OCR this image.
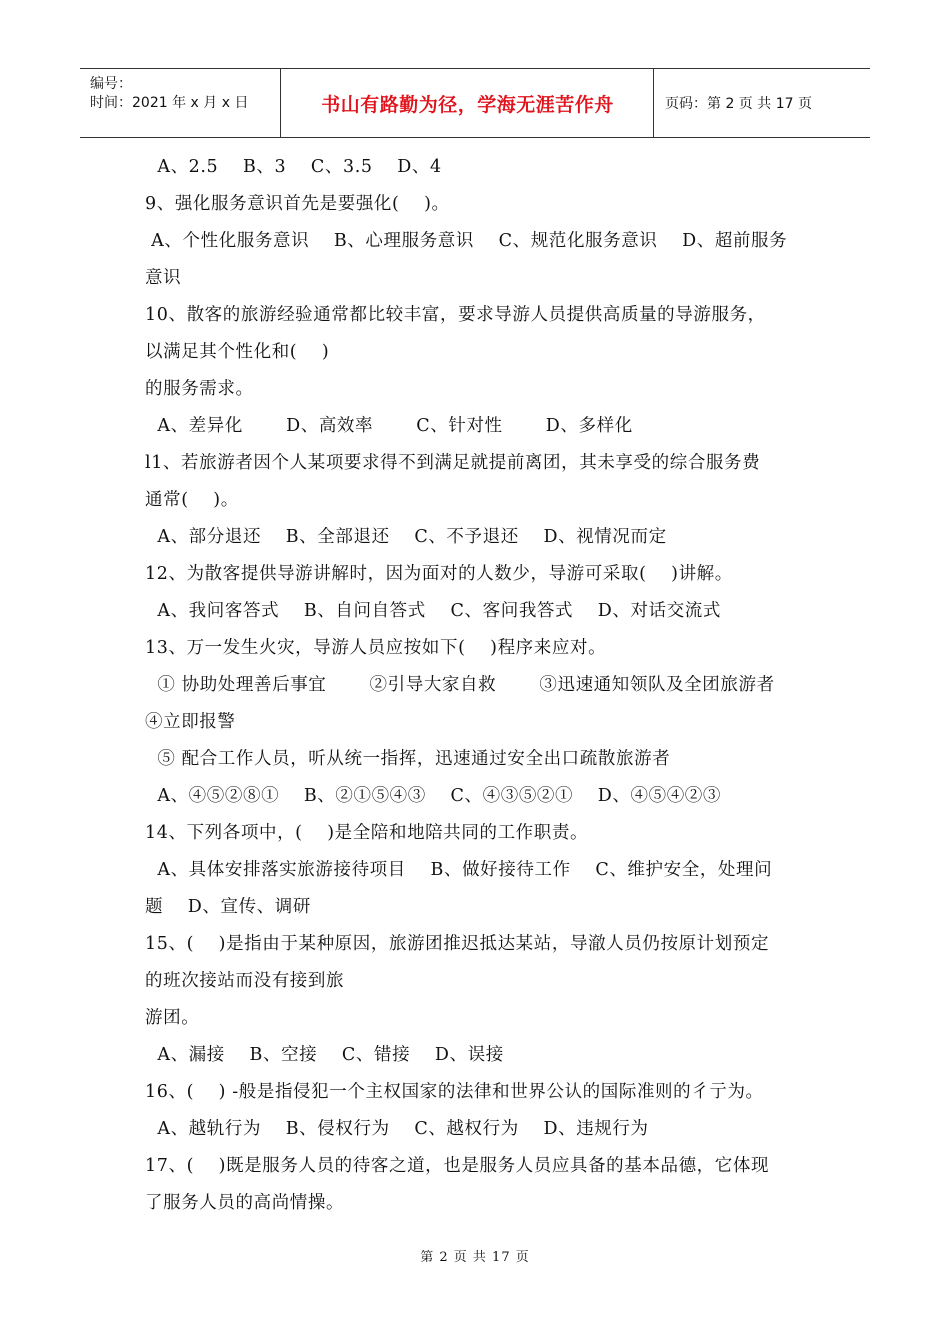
编号：
时间：2021 年 x 月 x 日	书山有路勤为径，学海无涯苦作舟	页码：第 2 页 共 17 页
A、2.5    B、3    C、3.5    D、4
9、强化服务意识首先是要强化(    )。
A、个性化服务意识    B、心理服务意识    C、规范化服务意识    D、超前服务
意识
10、散客的旅游经验通常都比较丰富，要求导游人员提供高质量的导游服务，
以满足其个性化和(    )
的服务需求。
A、差异化       D、高效率       C、针对性       D、多样化
l1、若旅游者因个人某项要求得不到满足就提前离团，其未享受的综合服务费
通常(    )。
A、部分退还    B、全部退还    C、不予退还    D、视情况而定
12、为散客提供导游讲解时，因为面对的人数少，导游可采取(    )讲解。
A、我问客答式    B、自问自答式    C、客问我答式    D、对话交流式
13、万一发生火灾，导游人员应按如下(    )程序来应对。
① 协助处理善后事宜       ②引导大家自救       ③迅速通知领队及全团旅游者
④立即报警
⑤ 配合工作人员，听从统一指挥，迅速通过安全出口疏散旅游者
A、④⑤②⑧①    B、②①⑤④③    C、④③⑤②①    D、④⑤④②③
14、下列各项中，(    )是全陪和地陪共同的工作职责。
A、具体安排落实旅游接待项目    B、做好接待工作    C、维护安全，处理问
题    D、宣传、调研
15、(    )是指由于某种原因，旅游团推迟抵达某站，导澈人员仍按原计划预定
的班次接站而没有接到旅
游团。
A、漏接    B、空接    C、错接    D、误接
16、(    ) -般是指侵犯一个主权国家的法律和世界公认的国际准则的彳亍为。
A、越轨行为    B、侵权行为    C、越权行为    D、违规行为
17、(    )既是服务人员的待客之道，也是服务人员应具备的基本品德，它体现
了服务人员的高尚情操。
第 2 页 共 17 页
